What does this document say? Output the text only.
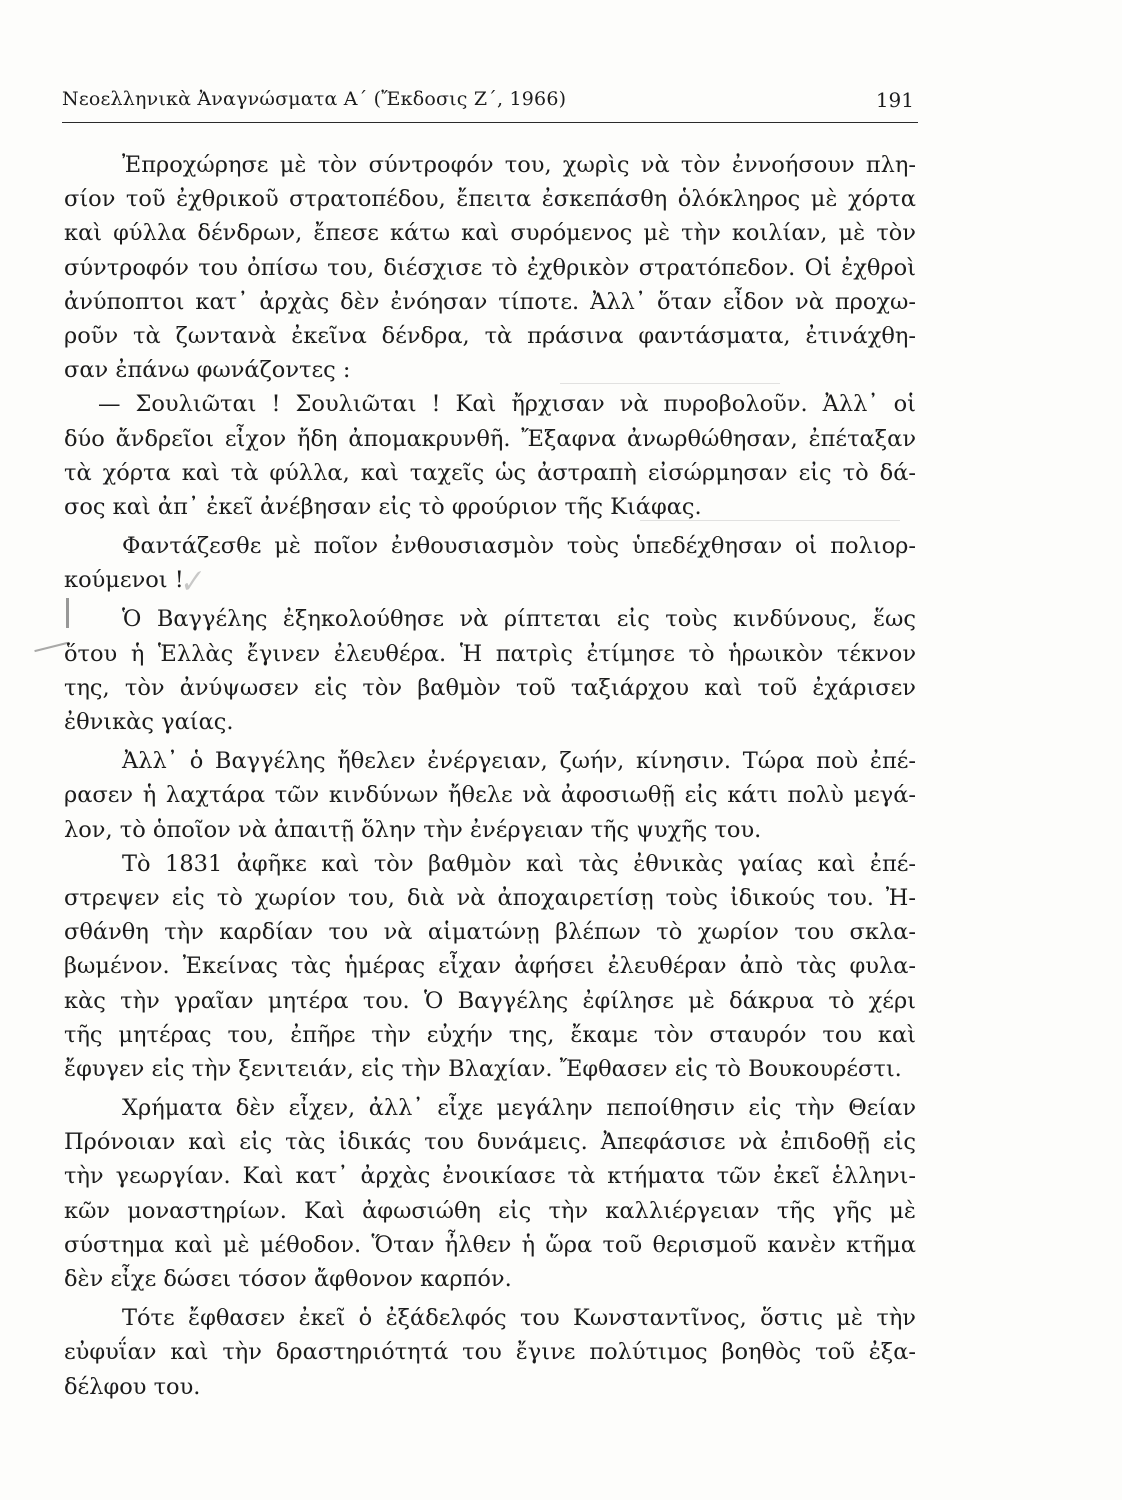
Νεοελληνικὰ Ἀναγνώσματα Α΄ (Ἔκδοσις Ζ΄, 1966)	191
✓
Ἐπροχώρησε μὲ τὸν σύντροφόν του, χωρὶς νὰ τὸν ἐννοήσουν πλη-
σίον τοῦ ἐχθρικοῦ στρατοπέδου, ἔπειτα ἐσκεπάσθη ὁλόκληρος μὲ χόρτα
καὶ φύλλα δένδρων, ἔπεσε κάτω καὶ συρόμενος μὲ τὴν κοιλίαν, μὲ τὸν
σύντροφόν του ὀπίσω του, διέσχισε τὸ ἐχθρικὸν στρατόπεδον. Οἱ ἐχθροὶ
ἀνύποπτοι κατ᾽ ἀρχὰς δὲν ἐνόησαν τίποτε. Ἀλλ᾽ ὅταν εἶδον νὰ προχω-
ροῦν τὰ ζωντανὰ ἐκεῖνα δένδρα, τὰ πράσινα φαντάσματα, ἐτινάχθη-
σαν ἐπάνω φωνάζοντες :
— Σουλιῶται ! Σουλιῶται ! Καὶ ἤρχισαν νὰ πυροβολοῦν. Ἀλλ᾽ οἱ
δύο ἄνδρεῖοι εἶχον ἤδη ἀπομακρυνθῆ. Ἔξαφνα ἀνωρθώθησαν, ἐπέταξαν
τὰ χόρτα καὶ τὰ φύλλα, καὶ ταχεῖς ὡς ἀστραπὴ εἰσώρμησαν εἰς τὸ δά-
σος καὶ ἀπ᾽ ἐκεῖ ἀνέβησαν εἰς τὸ φρούριον τῆς Κιάφας.
Φαντάζεσθε μὲ ποῖον ἐνθουσιασμὸν τοὺς ὑπεδέχθησαν οἱ πολιορ-
κούμενοι !
Ὁ Βαγγέλης ἐξηκολούθησε νὰ ρίπτεται εἰς τοὺς κινδύνους, ἕως
ὅτου ἡ Ἑλλὰς ἔγινεν ἐλευθέρα. Ἡ πατρὶς ἐτίμησε τὸ ἡρωικὸν τέκνον
της, τὸν ἀνύψωσεν εἰς τὸν βαθμὸν τοῦ ταξιάρχου καὶ τοῦ ἐχάρισεν
ἐθνικὰς γαίας.
Ἀλλ᾽ ὁ Βαγγέλης ἤθελεν ἐνέργειαν, ζωήν, κίνησιν. Τώρα ποὺ ἐπέ-
ρασεν ἡ λαχτάρα τῶν κινδύνων ἤθελε νὰ ἀφοσιωθῇ εἰς κάτι πολὺ μεγά-
λον, τὸ ὁποῖον νὰ ἀπαιτῇ ὅλην τὴν ἐνέργειαν τῆς ψυχῆς του.
Τὸ 1831 ἀφῆκε καὶ τὸν βαθμὸν καὶ τὰς ἐθνικὰς γαίας καὶ ἐπέ-
στρεψεν εἰς τὸ χωρίον του, διὰ νὰ ἀποχαιρετίσῃ τοὺς ἰδικούς του. Ἠ-
σθάνθη τὴν καρδίαν του νὰ αἱματώνῃ βλέπων τὸ χωρίον του σκλα-
βωμένον. Ἐκείνας τὰς ἡμέρας εἶχαν ἀφήσει ἐλευθέραν ἀπὸ τὰς φυλα-
κὰς τὴν γραῖαν μητέρα του. Ὁ Βαγγέλης ἐφίλησε μὲ δάκρυα τὸ χέρι
τῆς μητέρας του, ἐπῆρε τὴν εὐχήν της, ἔκαμε τὸν σταυρόν του καὶ
ἔφυγεν εἰς τὴν ξενιτειάν, εἰς τὴν Βλαχίαν. Ἔφθασεν εἰς τὸ Βουκουρέστι.
Χρήματα δὲν εἶχεν, ἀλλ᾽ εἶχε μεγάλην πεποίθησιν εἰς τὴν Θείαν
Πρόνοιαν καὶ εἰς τὰς ἰδικάς του δυνάμεις. Ἀπεφάσισε νὰ ἐπιδοθῇ εἰς
τὴν γεωργίαν. Καὶ κατ᾽ ἀρχὰς ἐνοικίασε τὰ κτήματα τῶν ἐκεῖ ἑλληνι-
κῶν μοναστηρίων. Καὶ ἀφωσιώθη εἰς τὴν καλλιέργειαν τῆς γῆς μὲ
σύστημα καὶ μὲ μέθοδον. Ὅταν ἦλθεν ἡ ὥρα τοῦ θερισμοῦ κανὲν κτῆμα
δὲν εἶχε δώσει τόσον ἄφθονον καρπόν.
Τότε ἔφθασεν ἐκεῖ ὁ ἐξάδελφός του Κωνσταντῖνος, ὅστις μὲ τὴν
εὐφυΐαν καὶ τὴν δραστηριότητά του ἔγινε πολύτιμος βοηθὸς τοῦ ἐξα-
δέλφου του.
